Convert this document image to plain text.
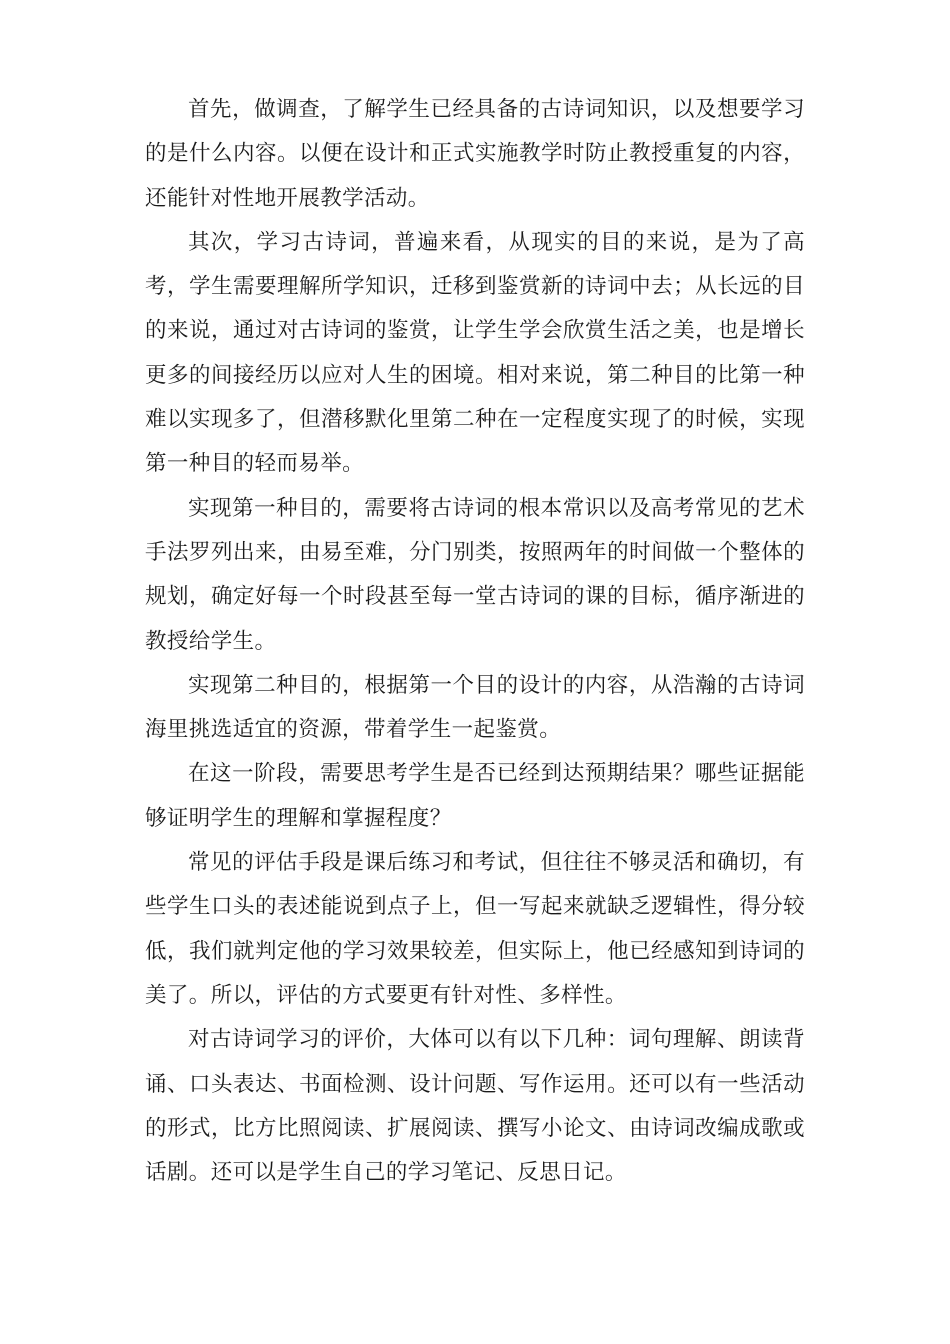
首先，做调查，了解学生已经具备的古诗词知识，以及想要学习的是什么内容。以便在设计和正式实施教学时防止教授重复的内容，还能针对性地开展教学活动。

其次，学习古诗词，普遍来看，从现实的目的来说，是为了高考，学生需要理解所学知识，迁移到鉴赏新的诗词中去；从长远的目的来说，通过对古诗词的鉴赏，让学生学会欣赏生活之美，也是增长更多的间接经历以应对人生的困境。相对来说，第二种目的比第一种难以实现多了，但潜移默化里第二种在一定程度实现了的时候，实现第一种目的轻而易举。

实现第一种目的，需要将古诗词的根本常识以及高考常见的艺术手法罗列出来，由易至难，分门别类，按照两年的时间做一个整体的规划，确定好每一个时段甚至每一堂古诗词的课的目标，循序渐进的教授给学生。

实现第二种目的，根据第一个目的设计的内容，从浩瀚的古诗词海里挑选适宜的资源，带着学生一起鉴赏。

在这一阶段，需要思考学生是否已经到达预期结果？哪些证据能够证明学生的理解和掌握程度？

常见的评估手段是课后练习和考试，但往往不够灵活和确切，有些学生口头的表述能说到点子上，但一写起来就缺乏逻辑性，得分较低，我们就判定他的学习效果较差，但实际上，他已经感知到诗词的美了。所以，评估的方式要更有针对性、多样性。

对古诗词学习的评价，大体可以有以下几种：词句理解、朗读背诵、口头表达、书面检测、设计问题、写作运用。还可以有一些活动的形式，比方比照阅读、扩展阅读、撰写小论文、由诗词改编成歌或话剧。还可以是学生自己的学习笔记、反思日记。
